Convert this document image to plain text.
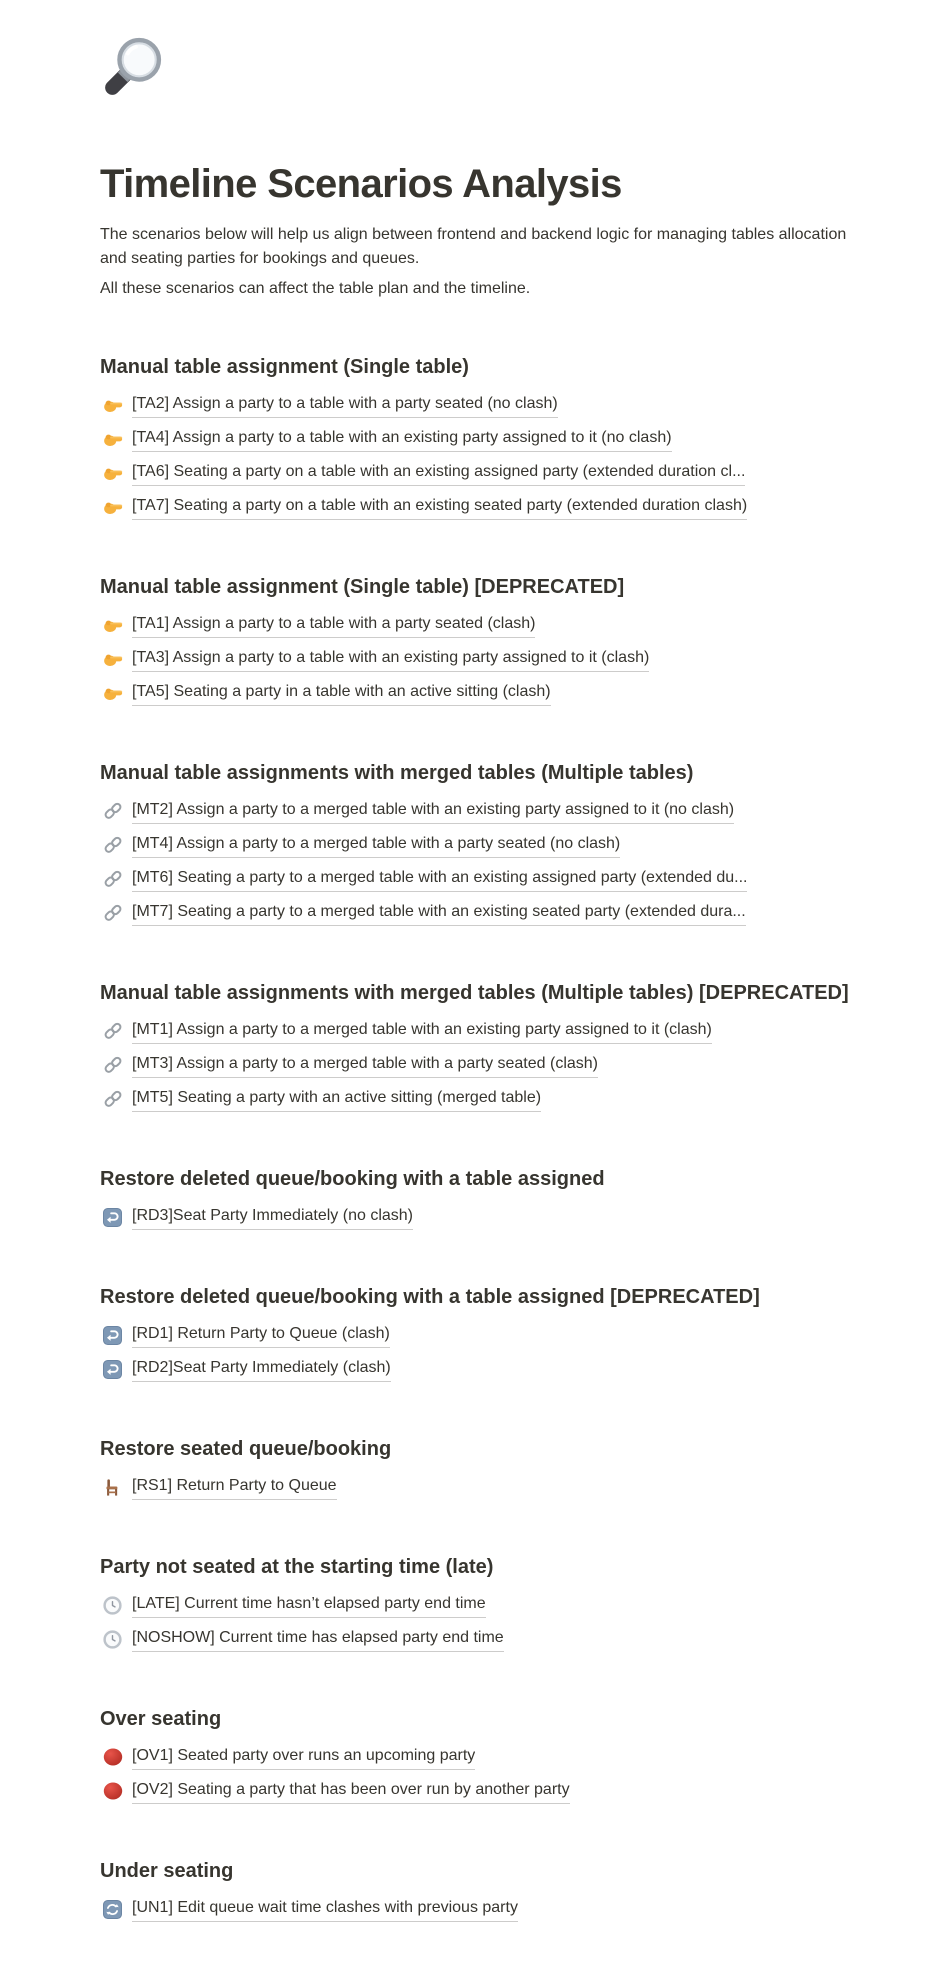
Timeline Scenarios Analysis

The scenarios below will help us align between frontend and backend logic for managing tables allocation and seating parties for bookings and queues.

All these scenarios can affect the table plan and the timeline.

Manual table assignment (Single table)
[TA2] Assign a party to a table with a party seated (no clash)
[TA4] Assign a party to a table with an existing party assigned to it (no clash)
[TA6] Seating a party on a table with an existing assigned party (extended duration cl...
[TA7] Seating a party on a table with an existing seated party (extended duration clash)
Manual table assignment (Single table) [DEPRECATED]
[TA1] Assign a party to a table with a party seated (clash)
[TA3] Assign a party to a table with an existing party assigned to it (clash)
[TA5] Seating a party in a table with an active sitting (clash)
Manual table assignments with merged tables (Multiple tables)
[MT2] Assign a party to a merged table with an existing party assigned to it (no clash)
[MT4] Assign a party to a merged table with a party seated (no clash)
[MT6] Seating a party to a merged table with an existing assigned party (extended du...
[MT7] Seating a party to a merged table with an existing seated party (extended dura...
Manual table assignments with merged tables (Multiple tables) [DEPRECATED]
[MT1] Assign a party to a merged table with an existing party assigned to it (clash)
[MT3] Assign a party to a merged table with a party seated (clash)
[MT5] Seating a party with an active sitting (merged table)
Restore deleted queue/booking with a table assigned
[RD3]Seat Party Immediately (no clash)
Restore deleted queue/booking with a table assigned [DEPRECATED]
[RD1] Return Party to Queue (clash)
[RD2]Seat Party Immediately (clash)
Restore seated queue/booking
[RS1] Return Party to Queue
Party not seated at the starting time (late)
[LATE] Current time hasn’t elapsed party end time
[NOSHOW] Current time has elapsed party end time
Over seating
[OV1] Seated party over runs an upcoming party
[OV2] Seating a party that has been over run by another party
Under seating
[UN1] Edit queue wait time clashes with previous party
